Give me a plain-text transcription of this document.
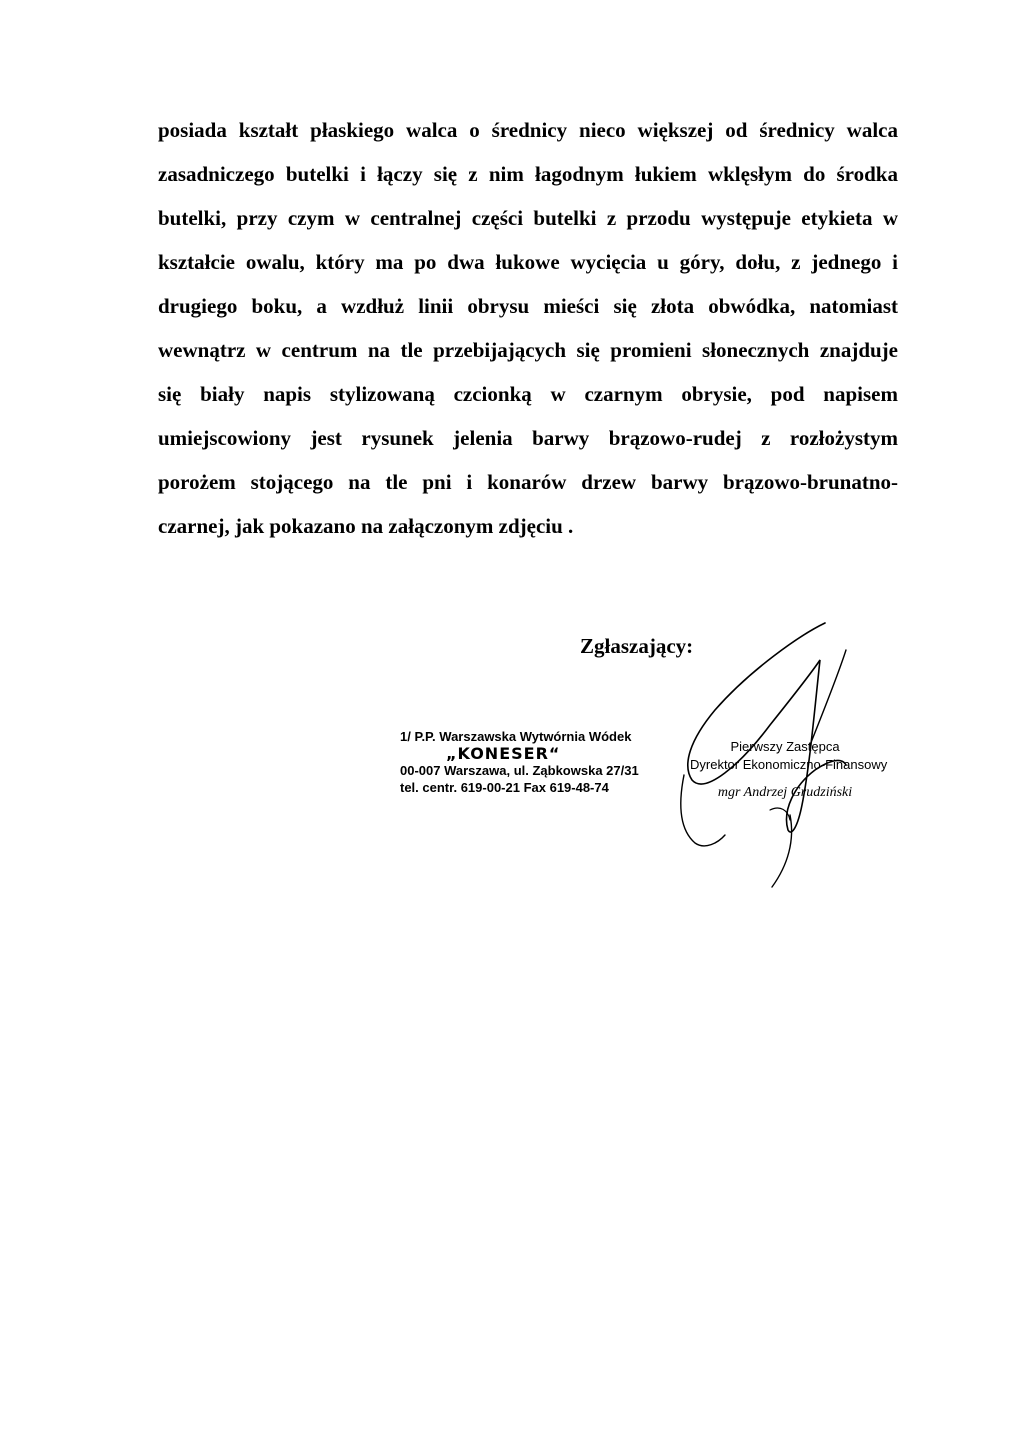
posiada kształt płaskiego walca o średnicy nieco większej od średnicy walca
zasadniczego butelki i łączy się z nim łagodnym łukiem wklęsłym do środka
butelki, przy czym w centralnej części butelki z przodu występuje etykieta w
kształcie owalu, który ma po dwa łukowe wycięcia u góry, dołu, z jednego i
drugiego boku, a wzdłuż linii obrysu mieści się złota obwódka, natomiast
wewnątrz w centrum na tle przebijających się promieni słonecznych znajduje
się biały napis stylizowaną czcionką w czarnym obrysie, pod napisem
umiejscowiony jest rysunek jelenia barwy brązowo-rudej z rozłożystym
porożem stojącego na tle pni i konarów drzew barwy brązowo-brunatno-
czarnej, jak pokazano na załączonym zdjęciu .
Zgłaszający:
1/ P.P. Warszawska Wytwórnia Wódek
„KONESER“
00-007 Warszawa, ul. Ząbkowska 27/31
tel. centr. 619-00-21 Fax 619-48-74
Pierwszy Zastępca
Dyrektor Ekonomiczno-Finansowy
mgr Andrzej Grudziński
